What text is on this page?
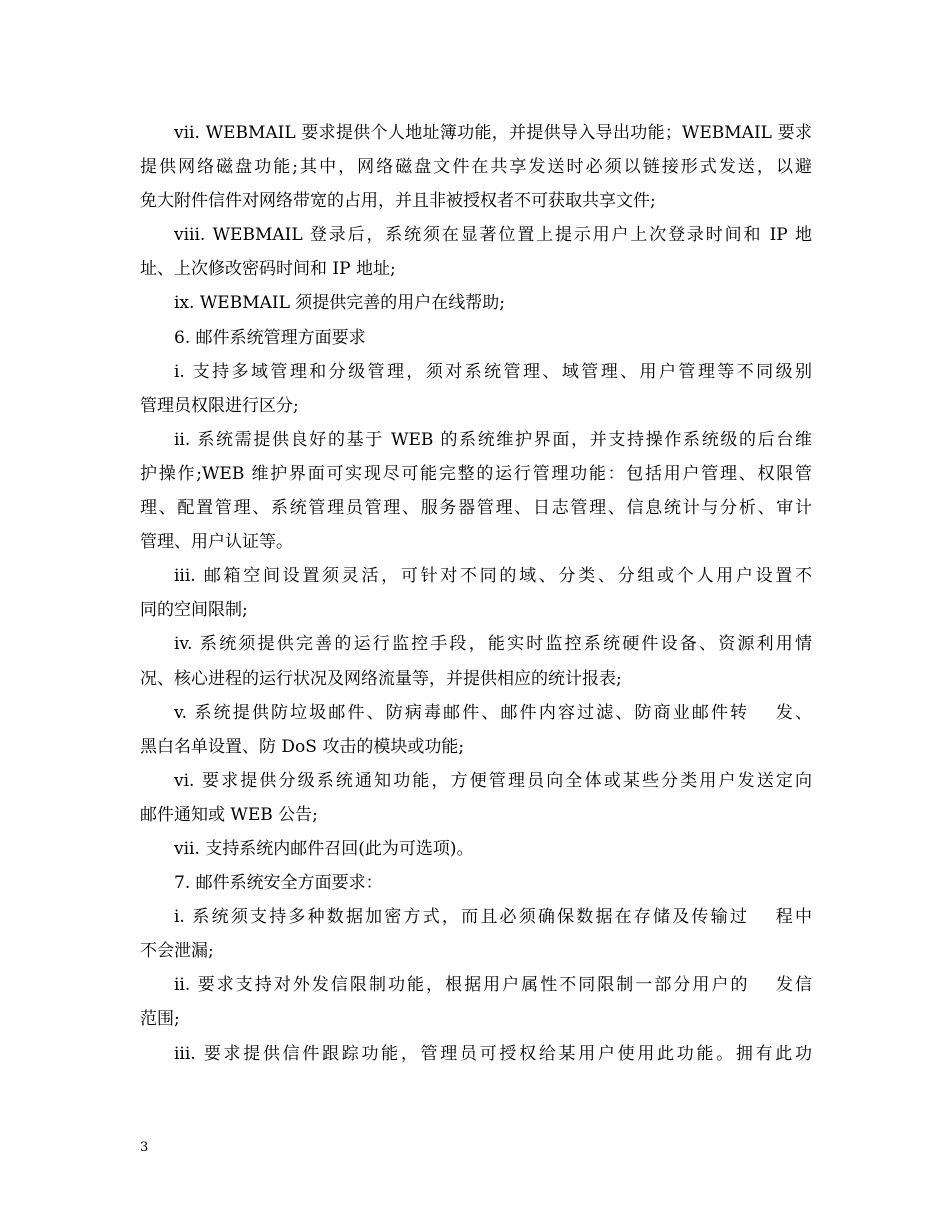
vii. WEBMAIL 要求提供个人地址簿功能，并提供导入导出功能；WEBMAIL 要求
提供网络磁盘功能;其中，网络磁盘文件在共享发送时必须以链接形式发送，以避
免大附件信件对网络带宽的占用，并且非被授权者不可获取共享文件;
viii. WEBMAIL 登录后，系统须在显著位置上提示用户上次登录时间和 IP 地
址、上次修改密码时间和 IP 地址;
ix. WEBMAIL 须提供完善的用户在线帮助;
6. 邮件系统管理方面要求
i. 支持多域管理和分级管理，须对系统管理、域管理、用户管理等不同级别
管理员权限进行区分;
ii. 系统需提供良好的基于 WEB 的系统维护界面，并支持操作系统级的后台维
护操作;WEB 维护界面可实现尽可能完整的运行管理功能：包括用户管理、权限管
理、配置管理、系统管理员管理、服务器管理、日志管理、信息统计与分析、审计
管理、用户认证等。
iii. 邮箱空间设置须灵活，可针对不同的域、分类、分组或个人用户设置不
同的空间限制;
iv. 系统须提供完善的运行监控手段，能实时监控系统硬件设备、资源利用情
况、核心进程的运行状况及网络流量等，并提供相应的统计报表;
v. 系统提供防垃圾邮件、防病毒邮件、邮件内容过滤、防商业邮件转　 发、
黑白名单设置、防 DoS 攻击的模块或功能;
vi. 要求提供分级系统通知功能，方便管理员向全体或某些分类用户发送定向
邮件通知或 WEB 公告;
vii. 支持系统内邮件召回(此为可选项)。
7. 邮件系统安全方面要求：
i. 系统须支持多种数据加密方式，而且必须确保数据在存储及传输过　 程中
不会泄漏;
ii. 要求支持对外发信限制功能，根据用户属性不同限制一部分用户的　 发信
范围;
iii. 要求提供信件跟踪功能，管理员可授权给某用户使用此功能。拥有此功
3
